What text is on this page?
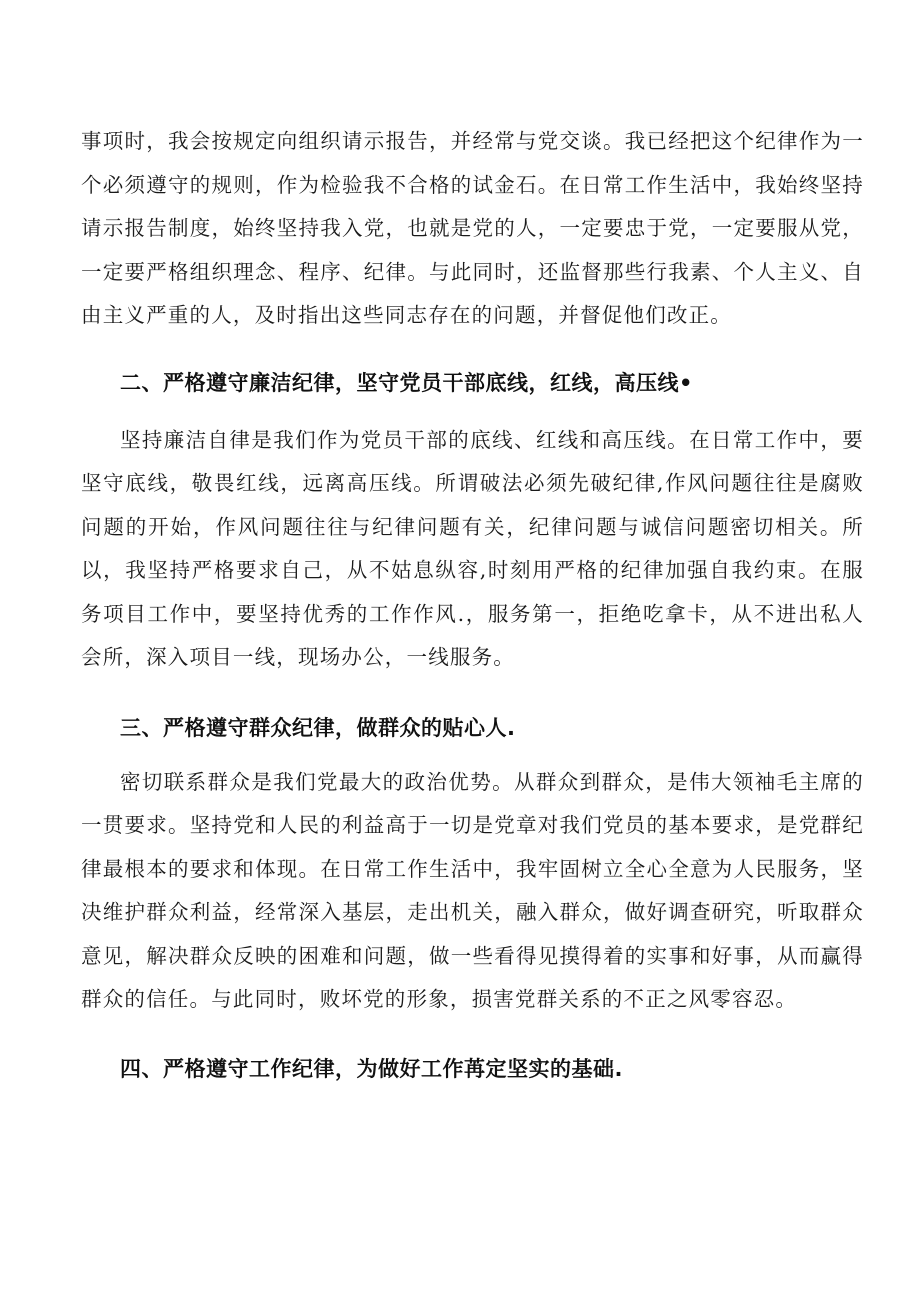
事项时，我会按规定向组织请示报告，并经常与党交谈。我已经把这个纪律作为一个必须遵守的规则，作为检验我不合格的试金石。在日常工作生活中，我始终坚持请示报告制度，始终坚持我入党，也就是党的人，一定要忠于党，一定要服从党，一定要严格组织理念、程序、纪律。与此同时，还监督那些行我素、个人主义、自由主义严重的人，及时指出这些同志存在的问题，并督促他们改正。

二、严格遵守廉洁纪律，坚守党员干部底线，红线，高压线•

坚持廉洁自律是我们作为党员干部的底线、红线和高压线。在日常工作中，要坚守底线，敬畏红线，远离高压线。所谓破法必须先破纪律,作风问题往往是腐败问题的开始，作风问题往往与纪律问题有关，纪律问题与诚信问题密切相关。所以，我坚持严格要求自己，从不姑息纵容,时刻用严格的纪律加强自我约束。在服务项目工作中，要坚持优秀的工作作风.，服务第一，拒绝吃拿卡，从不进出私人会所，深入项目一线，现场办公，一线服务。

三、严格遵守群众纪律，做群众的贴心人.

密切联系群众是我们党最大的政治优势。从群众到群众，是伟大领袖毛主席的一贯要求。坚持党和人民的利益高于一切是党章对我们党员的基本要求，是党群纪律最根本的要求和体现。在日常工作生活中，我牢固树立全心全意为人民服务，坚决维护群众利益，经常深入基层，走出机关，融入群众，做好调查研究，听取群众意见，解决群众反映的困难和问题，做一些看得见摸得着的实事和好事，从而赢得群众的信任。与此同时，败坏党的形象，损害党群关系的不正之风零容忍。

四、严格遵守工作纪律，为做好工作苒定坚实的基础.
